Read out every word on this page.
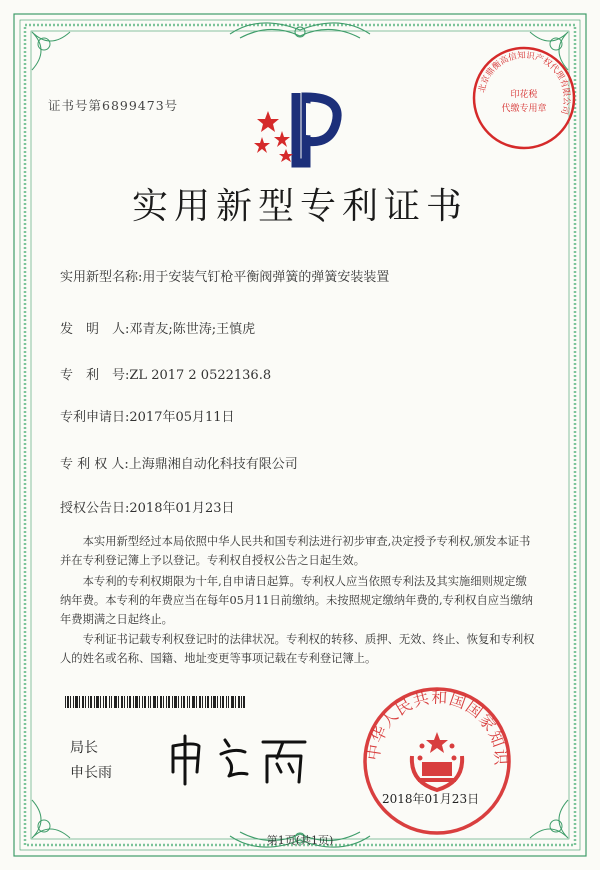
证书号第6899473号
北京鼎衡高信知识产权代理有限公司
印花税
代缴专用章
实用新型专利证书
实用新型名称:用于安装气钉枪平衡阀弹簧的弹簧安装装置
发　明　人:邓青友;陈世涛;王慎虎
专　利　号:ZL 2017 2 0522136.8
专利申请日:2017年05月11日
专 利 权 人:上海鼎湘自动化科技有限公司
授权公告日:2018年01月23日
本实用新型经过本局依照中华人民共和国专利法进行初步审查,决定授予专利权,颁发本证书并在专利登记簿上予以登记。专利权自授权公告之日起生效。
本专利的专利权期限为十年,自申请日起算。专利权人应当依照专利法及其实施细则规定缴纳年费。本专利的年费应当在每年05月11日前缴纳。未按照规定缴纳年费的,专利权自应当缴纳年费期满之日起终止。
专利证书记载专利权登记时的法律状况。专利权的转移、质押、无效、终止、恢复和专利权人的姓名或名称、国籍、地址变更等事项记载在专利登记簿上。
局长
申长雨
中华人民共和国国家知识
2018年01月23日
第1页(共1页)
